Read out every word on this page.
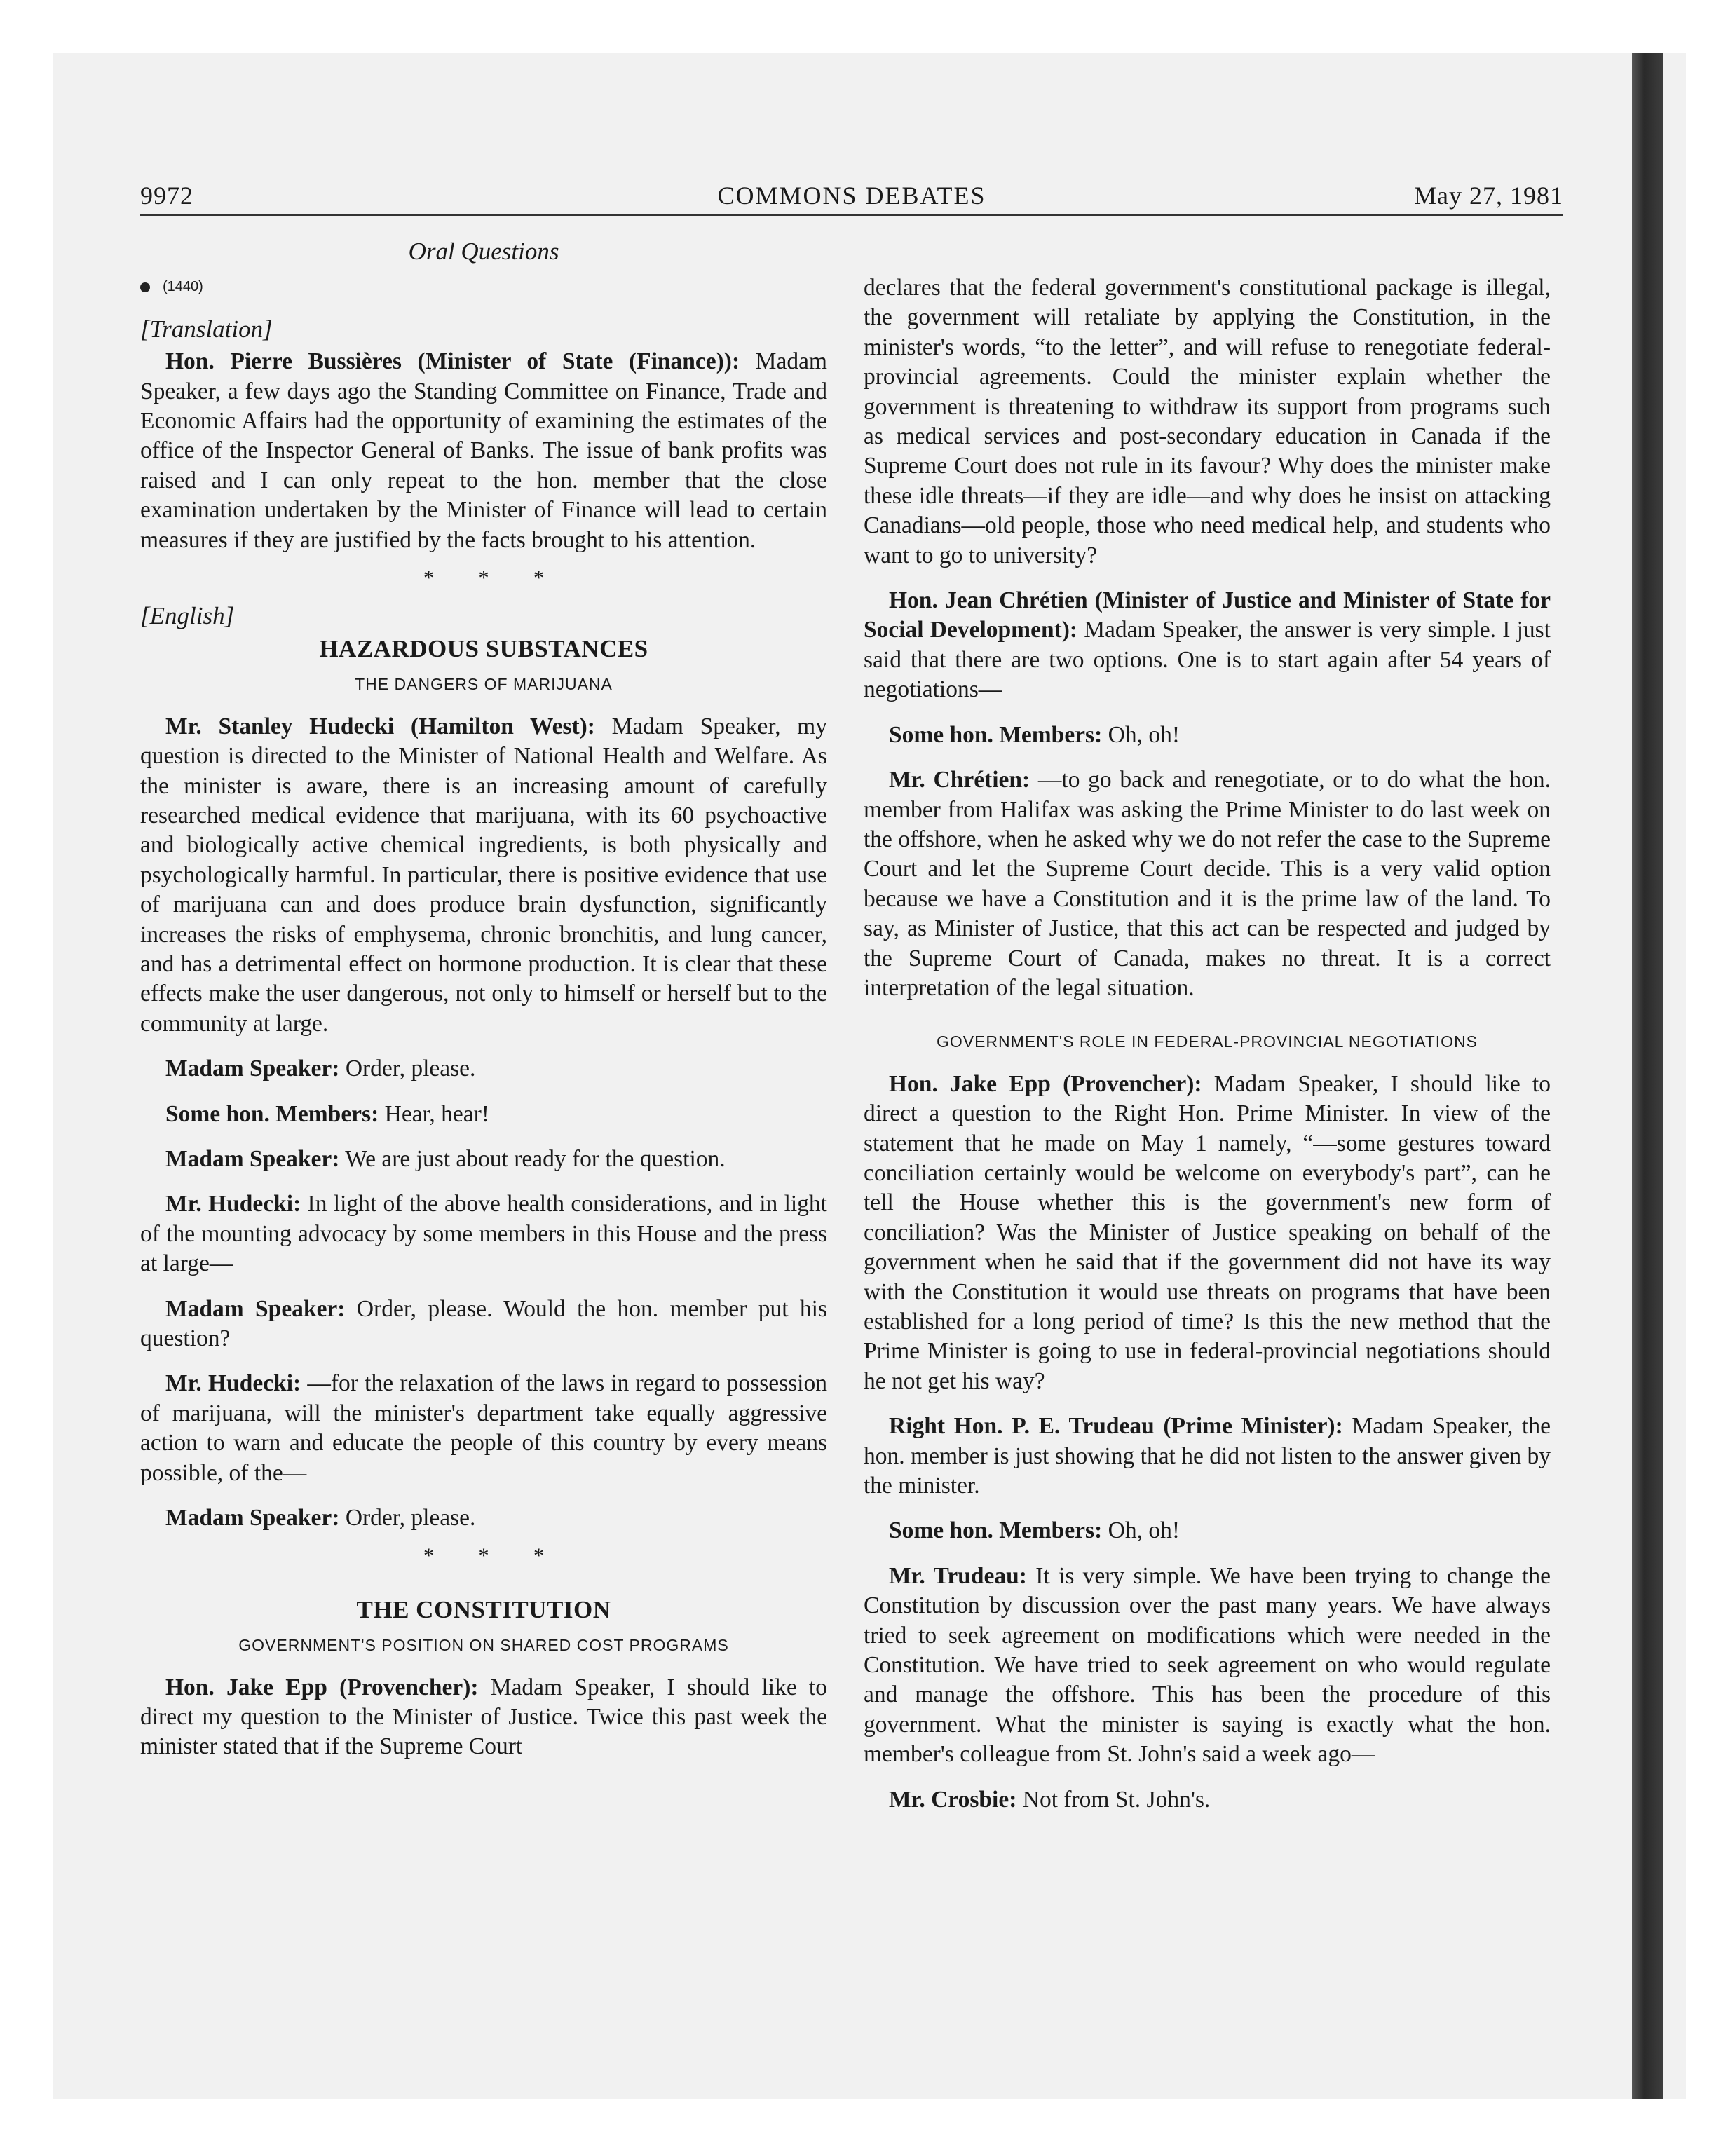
9972	COMMONS DEBATES	May 27, 1981

Oral Questions

(1440)

[Translation]

Hon. Pierre Bussières (Minister of State (Finance)): Madam Speaker, a few days ago the Standing Committee on Finance, Trade and Economic Affairs had the opportunity of examining the estimates of the office of the Inspector General of Banks. The issue of bank profits was raised and I can only repeat to the hon. member that the close examination undertaken by the Minister of Finance will lead to certain measures if they are justified by the facts brought to his attention.

* * *

[English]

HAZARDOUS SUBSTANCES

THE DANGERS OF MARIJUANA

Mr. Stanley Hudecki (Hamilton West): Madam Speaker, my question is directed to the Minister of National Health and Welfare. As the minister is aware, there is an increasing amount of carefully researched medical evidence that marijuana, with its 60 psychoactive and biologically active chemical ingredients, is both physically and psychologically harmful. In particular, there is positive evidence that use of marijuana can and does produce brain dysfunction, significantly increases the risks of emphysema, chronic bronchitis, and lung cancer, and has a detrimental effect on hormone production. It is clear that these effects make the user dangerous, not only to himself or herself but to the community at large.

Madam Speaker: Order, please.

Some hon. Members: Hear, hear!

Madam Speaker: We are just about ready for the question.

Mr. Hudecki: In light of the above health considerations, and in light of the mounting advocacy by some members in this House and the press at large—

Madam Speaker: Order, please. Would the hon. member put his question?

Mr. Hudecki: —for the relaxation of the laws in regard to possession of marijuana, will the minister's department take equally aggressive action to warn and educate the people of this country by every means possible, of the—

Madam Speaker: Order, please.

* * *

THE CONSTITUTION

GOVERNMENT'S POSITION ON SHARED COST PROGRAMS

Hon. Jake Epp (Provencher): Madam Speaker, I should like to direct my question to the Minister of Justice. Twice this past week the minister stated that if the Supreme Court

declares that the federal government's constitutional package is illegal, the government will retaliate by applying the Constitution, in the minister's words, “to the letter”, and will refuse to renegotiate federal-provincial agreements. Could the minister explain whether the government is threatening to withdraw its support from programs such as medical services and post-secondary education in Canada if the Supreme Court does not rule in its favour? Why does the minister make these idle threats—if they are idle—and why does he insist on attacking Canadians—old people, those who need medical help, and students who want to go to university?

Hon. Jean Chrétien (Minister of Justice and Minister of State for Social Development): Madam Speaker, the answer is very simple. I just said that there are two options. One is to start again after 54 years of negotiations—

Some hon. Members: Oh, oh!

Mr. Chrétien: —to go back and renegotiate, or to do what the hon. member from Halifax was asking the Prime Minister to do last week on the offshore, when he asked why we do not refer the case to the Supreme Court and let the Supreme Court decide. This is a very valid option because we have a Constitution and it is the prime law of the land. To say, as Minister of Justice, that this act can be respected and judged by the Supreme Court of Canada, makes no threat. It is a correct interpretation of the legal situation.

GOVERNMENT'S ROLE IN FEDERAL-PROVINCIAL NEGOTIATIONS

Hon. Jake Epp (Provencher): Madam Speaker, I should like to direct a question to the Right Hon. Prime Minister. In view of the statement that he made on May 1 namely, “—some gestures toward conciliation certainly would be welcome on everybody's part”, can he tell the House whether this is the government's new form of conciliation? Was the Minister of Justice speaking on behalf of the government when he said that if the government did not have its way with the Constitution it would use threats on programs that have been established for a long period of time? Is this the new method that the Prime Minister is going to use in federal-provincial negotiations should he not get his way?

Right Hon. P. E. Trudeau (Prime Minister): Madam Speaker, the hon. member is just showing that he did not listen to the answer given by the minister.

Some hon. Members: Oh, oh!

Mr. Trudeau: It is very simple. We have been trying to change the Constitution by discussion over the past many years. We have always tried to seek agreement on modifications which were needed in the Constitution. We have tried to seek agreement on who would regulate and manage the offshore. This has been the procedure of this government. What the minister is saying is exactly what the hon. member's colleague from St. John's said a week ago—

Mr. Crosbie: Not from St. John's.
